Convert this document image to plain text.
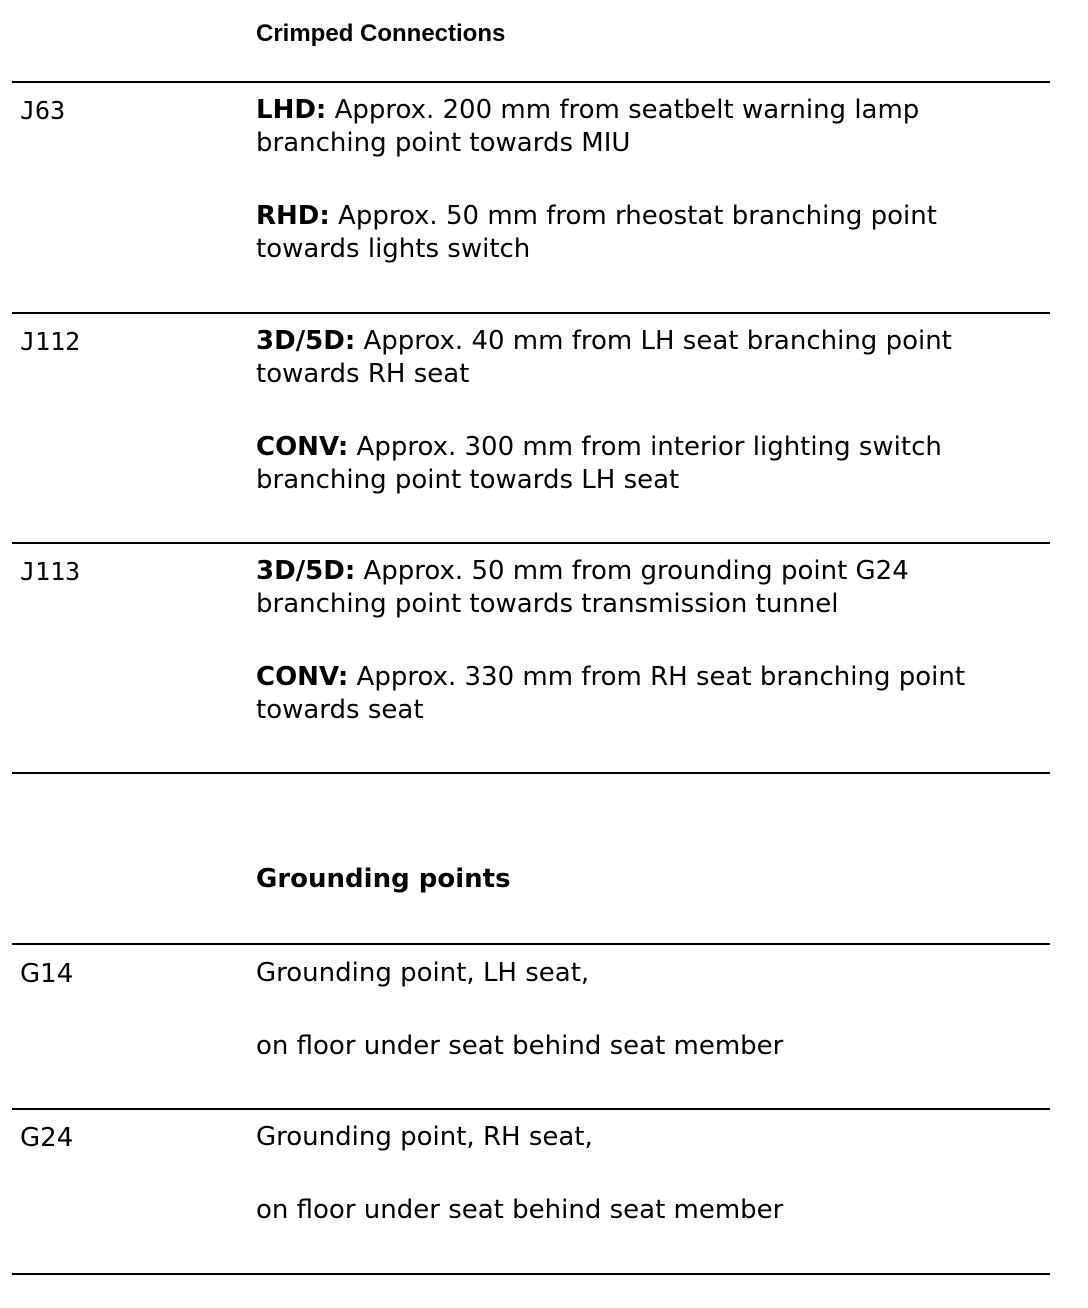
Crimped Connections
J63	LHD: Approx. 200 mm from seatbelt warning lamp
branching point towards MIU
RHD: Approx. 50 mm from rheostat branching point
towards lights switch
J112	3D/5D: Approx. 40 mm from LH seat branching point
towards RH seat
CONV: Approx. 300 mm from interior lighting switch
branching point towards LH seat
J113	3D/5D: Approx. 50 mm from grounding point G24
branching point towards transmission tunnel
CONV: Approx. 330 mm from RH seat branching point
towards seat
Grounding points
G14	Grounding point, LH seat,
on floor under seat behind seat member
G24	Grounding point, RH seat,
on floor under seat behind seat member
